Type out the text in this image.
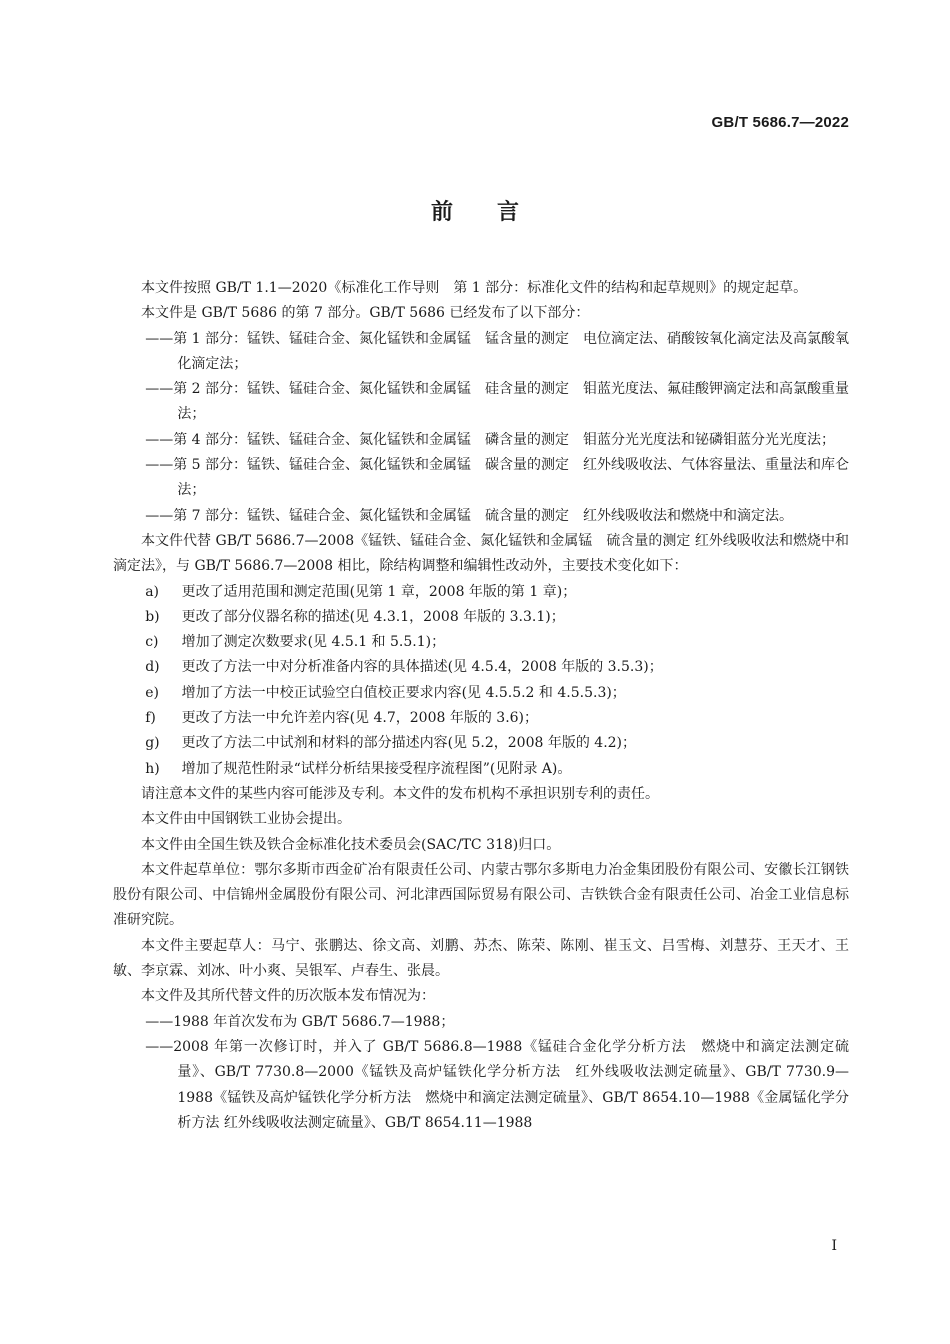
GB/T 5686.7—2022
前言

本文件按照 GB/T 1.1—2020《标准化工作导则　第 1 部分：标准化文件的结构和起草规则》的规定起草。

本文件是 GB/T 5686 的第 7 部分。GB/T 5686 已经发布了以下部分：

——第 1 部分：锰铁、锰硅合金、氮化锰铁和金属锰　锰含量的测定　电位滴定法、硝酸铵氧化滴定法及高氯酸氧化滴定法；

——第 2 部分：锰铁、锰硅合金、氮化锰铁和金属锰　硅含量的测定　钼蓝光度法、氟硅酸钾滴定法和高氯酸重量法；

——第 4 部分：锰铁、锰硅合金、氮化锰铁和金属锰　磷含量的测定　钼蓝分光光度法和铋磷钼蓝分光光度法；

——第 5 部分：锰铁、锰硅合金、氮化锰铁和金属锰　碳含量的测定　红外线吸收法、气体容量法、重量法和库仑法；

——第 7 部分：锰铁、锰硅合金、氮化锰铁和金属锰　硫含量的测定　红外线吸收法和燃烧中和滴定法。

本文件代替 GB/T 5686.7—2008《锰铁、锰硅合金、氮化锰铁和金属锰　硫含量的测定 红外线吸收法和燃烧中和滴定法》，与 GB/T 5686.7—2008 相比，除结构调整和编辑性改动外，主要技术变化如下：

a)	更改了适用范围和测定范围(见第 1 章，2008 年版的第 1 章)；
b)	更改了部分仪器名称的描述(见 4.3.1，2008 年版的 3.3.1)；
c)	增加了测定次数要求(见 4.5.1 和 5.5.1)；
d)	更改了方法一中对分析准备内容的具体描述(见 4.5.4，2008 年版的 3.5.3)；
e)	增加了方法一中校正试验空白值校正要求内容(见 4.5.5.2 和 4.5.5.3)；
f)	更改了方法一中允许差内容(见 4.7，2008 年版的 3.6)；
g)	更改了方法二中试剂和材料的部分描述内容(见 5.2，2008 年版的 4.2)；
h)	增加了规范性附录“试样分析结果接受程序流程图”(见附录 A)。

请注意本文件的某些内容可能涉及专利。本文件的发布机构不承担识别专利的责任。

本文件由中国钢铁工业协会提出。

本文件由全国生铁及铁合金标准化技术委员会(SAC/TC 318)归口。

本文件起草单位：鄂尔多斯市西金矿冶有限责任公司、内蒙古鄂尔多斯电力冶金集团股份有限公司、安徽长江钢铁股份有限公司、中信锦州金属股份有限公司、河北津西国际贸易有限公司、吉铁铁合金有限责任公司、冶金工业信息标准研究院。

本文件主要起草人：马宁、张鹏达、徐文高、刘鹏、苏杰、陈荣、陈刚、崔玉文、吕雪梅、刘慧芬、王天才、王敏、李京霖、刘冰、叶小爽、吴银军、卢春生、张晨。

本文件及其所代替文件的历次版本发布情况为：

——1988 年首次发布为 GB/T 5686.7—1988；

——2008 年第一次修订时，并入了 GB/T 5686.8—1988《锰硅合金化学分析方法　燃烧中和滴定法测定硫量》、GB/T 7730.8—2000《锰铁及高炉锰铁化学分析方法　红外线吸收法测定硫量》、GB/T 7730.9—1988《锰铁及高炉锰铁化学分析方法　燃烧中和滴定法测定硫量》、GB/T 8654.10—1988《金属锰化学分析方法 红外线吸收法测定硫量》、GB/T 8654.11—1988

I
